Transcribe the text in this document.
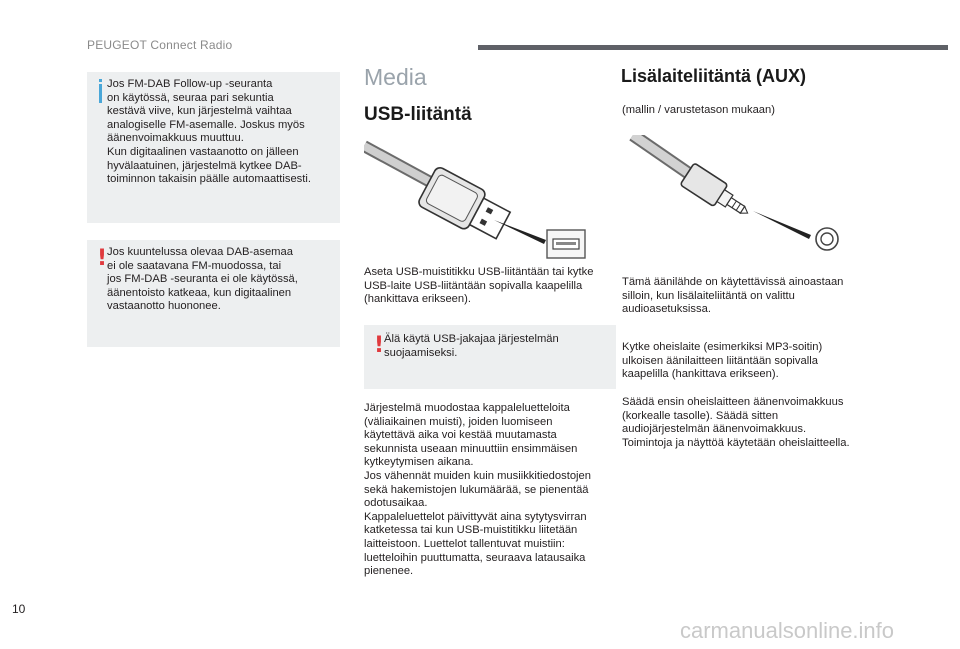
PEUGEOT Connect Radio
Jos FM-DAB Follow-up -seuranta
on käytössä, seuraa pari sekuntia
kestävä viive, kun järjestelmä vaihtaa
analogiselle FM-asemalle. Joskus myös
äänenvoimakkuus muuttuu.
Kun digitaalinen vastaanotto on jälleen
hyvälaatuinen, järjestelmä kytkee DAB-
toiminnon takaisin päälle automaattisesti.
! Jos kuuntelussa olevaa DAB-asemaa
ei ole saatavana FM-muodossa, tai
jos FM-DAB -seuranta ei ole käytössä,
äänentoisto katkeaa, kun digitaalinen
vastaanotto huononee.
Media
USB-liitäntä
Aseta USB-muistitikku USB-liitäntään tai kytke
USB-laite USB-liitäntään sopivalla kaapelilla
(hankittava erikseen).
! Älä käytä USB-jakajaa järjestelmän
suojaamiseksi.
Järjestelmä muodostaa kappaleluetteloita
(väliaikainen muisti), joiden luomiseen
käytettävä aika voi kestää muutamasta
sekunnista useaan minuuttiin ensimmäisen
kytkeytymisen aikana.
Jos vähennät muiden kuin musiikkitiedostojen
sekä hakemistojen lukumäärää, se pienentää
odotusaikaa.
Kappaleluettelot päivittyvät aina sytytysvirran
katketessa tai kun USB-muistitikku liitetään
laitteistoon. Luettelot tallentuvat muistiin:
luetteloihin puuttumatta, seuraava latausaika
pienenee.
Lisälaiteliitäntä (AUX)
(mallin / varustetason mukaan)
Tämä äänilähde on käytettävissä ainoastaan
silloin, kun lisälaiteliitäntä on valittu
audioasetuksissa.
Kytke oheislaite (esimerkiksi MP3-soitin)
ulkoisen äänilaitteen liitäntään sopivalla
kaapelilla (hankittava erikseen).
Säädä ensin oheislaitteen äänenvoimakkuus
(korkealle tasolle). Säädä sitten
audiojärjestelmän äänenvoimakkuus.
Toimintoja ja näyttöä käytetään oheislaitteella.
10
carmanualsonline.info
